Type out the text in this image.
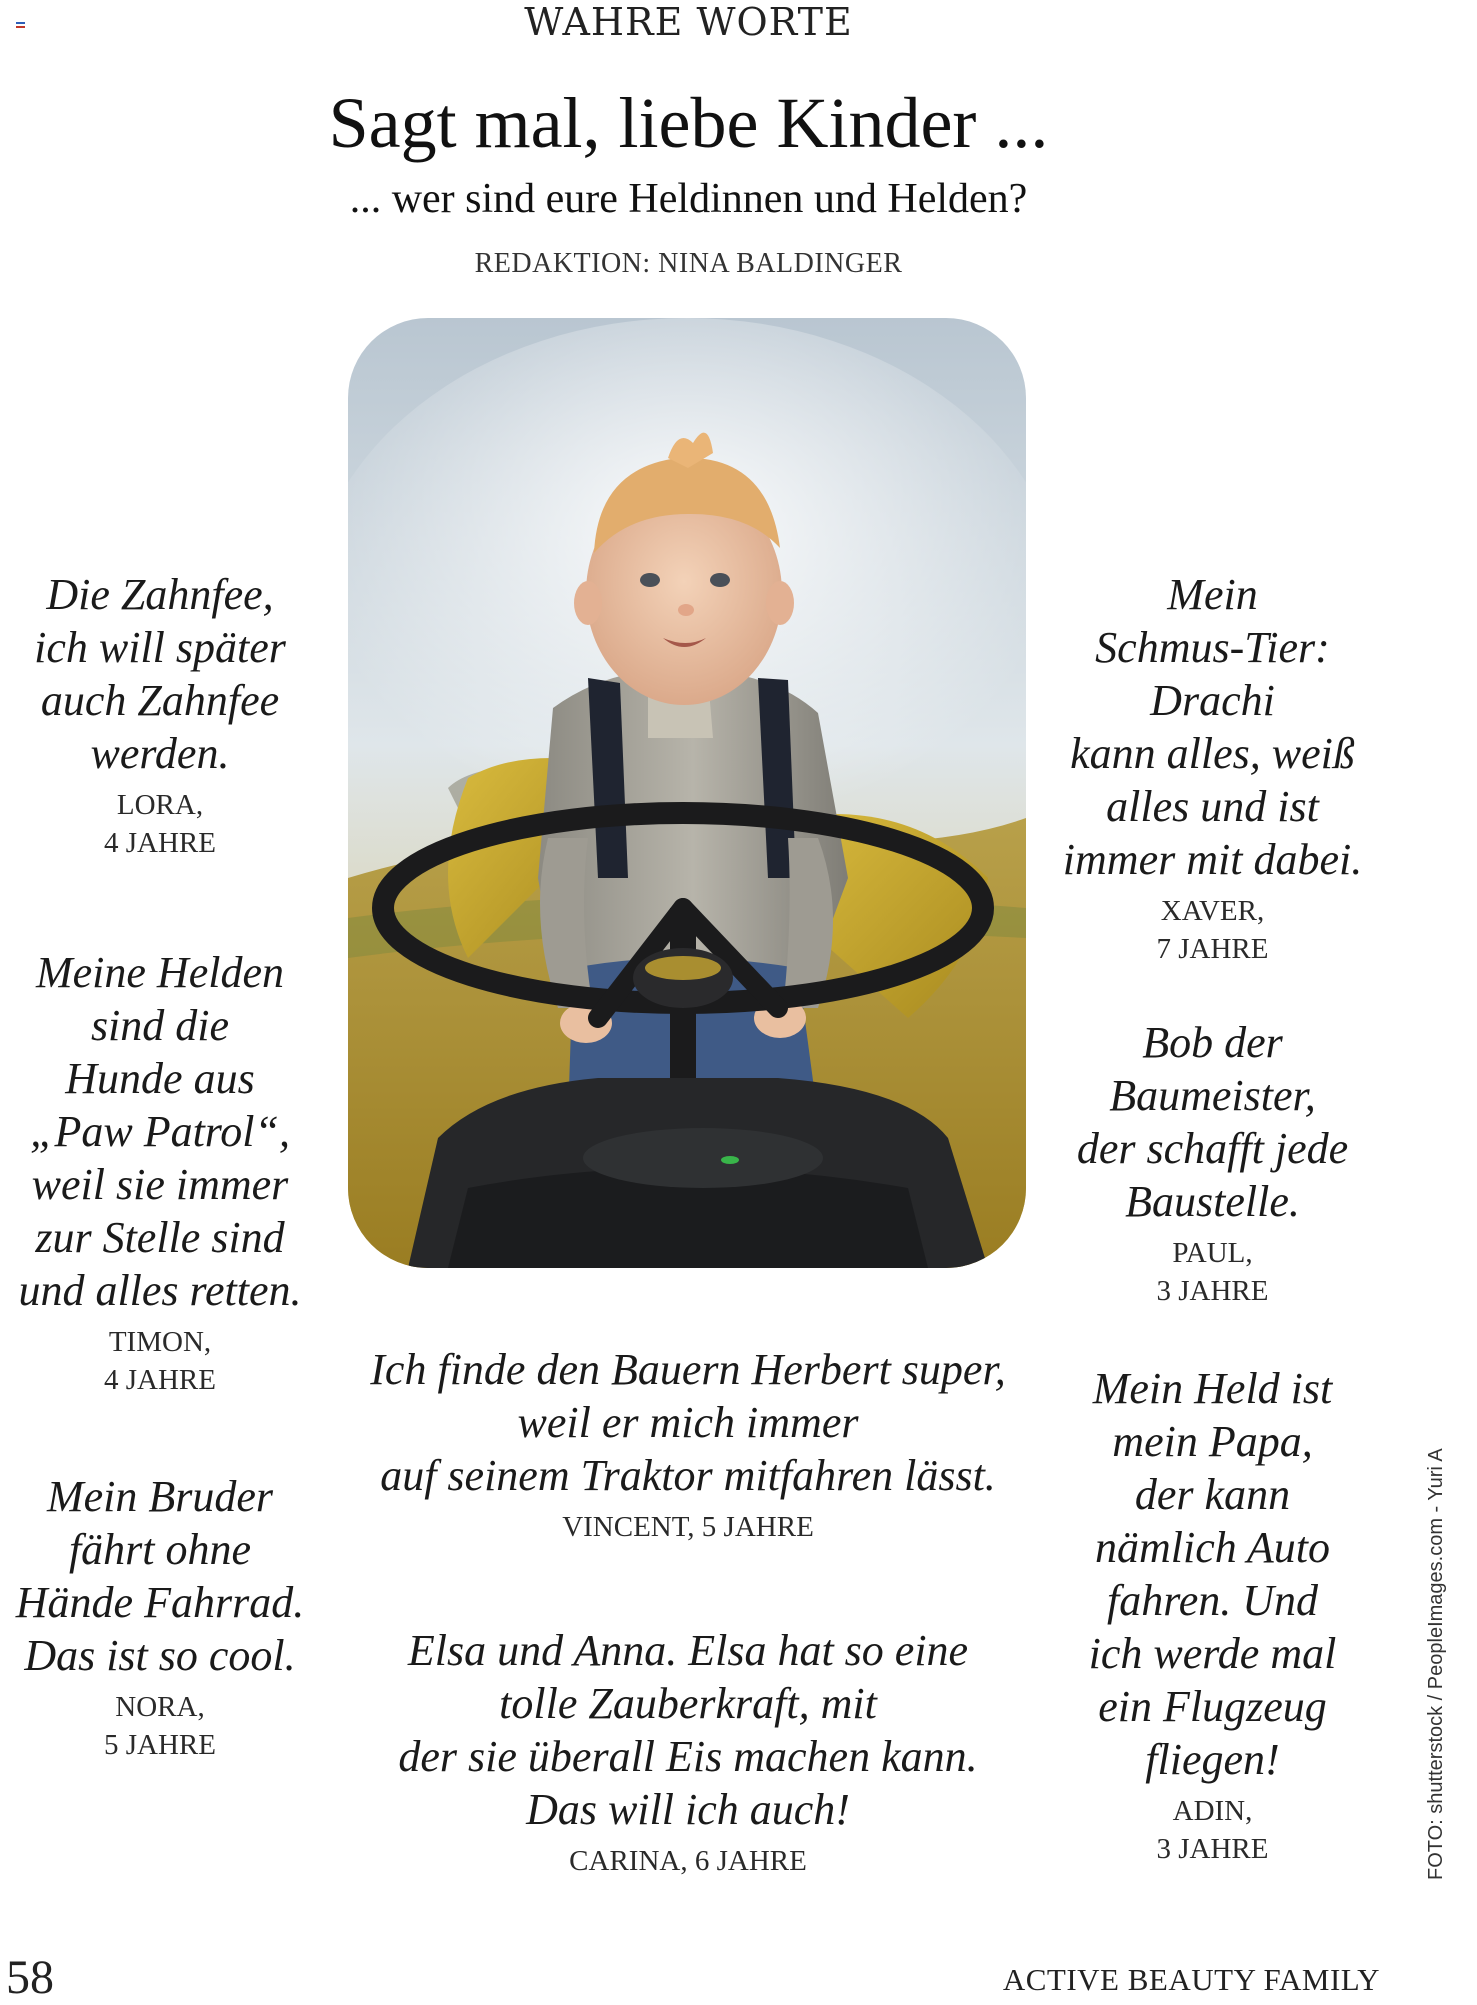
WAHRE WORTE
Sagt mal, liebe Kinder ...
... wer sind eure Heldinnen und Helden?
REDAKTION: NINA BALDINGER
Die Zahnfee,
ich will später
auch Zahnfee
werden.
LORA,
4 JAHRE
Meine Helden
sind die
Hunde aus
„Paw Patrol“,
weil sie immer
zur Stelle sind
und alles retten.
TIMON,
4 JAHRE
Mein Bruder
fährt ohne
Hände Fahrrad.
Das ist so cool.
NORA,
5 JAHRE
Mein
Schmus-Tier:
Drachi
kann alles, weiß
alles und ist
immer mit dabei.
XAVER,
7 JAHRE
Bob der
Baumeister,
der schafft jede
Baustelle.
PAUL,
3 JAHRE
Mein Held ist
mein Papa,
der kann
nämlich Auto
fahren. Und
ich werde mal
ein Flugzeug
fliegen!
ADIN,
3 JAHRE
Ich finde den Bauern Herbert super,
weil er mich immer
auf seinem Traktor mitfahren lässt.
VINCENT, 5 JAHRE
Elsa und Anna. Elsa hat so eine
tolle Zauberkraft, mit
der sie überall Eis machen kann.
Das will ich auch!
CARINA, 6 JAHRE
58	ACTIVE BEAUTY FAMILY
FOTO: shutterstock / PeopleImages.com - Yuri A
